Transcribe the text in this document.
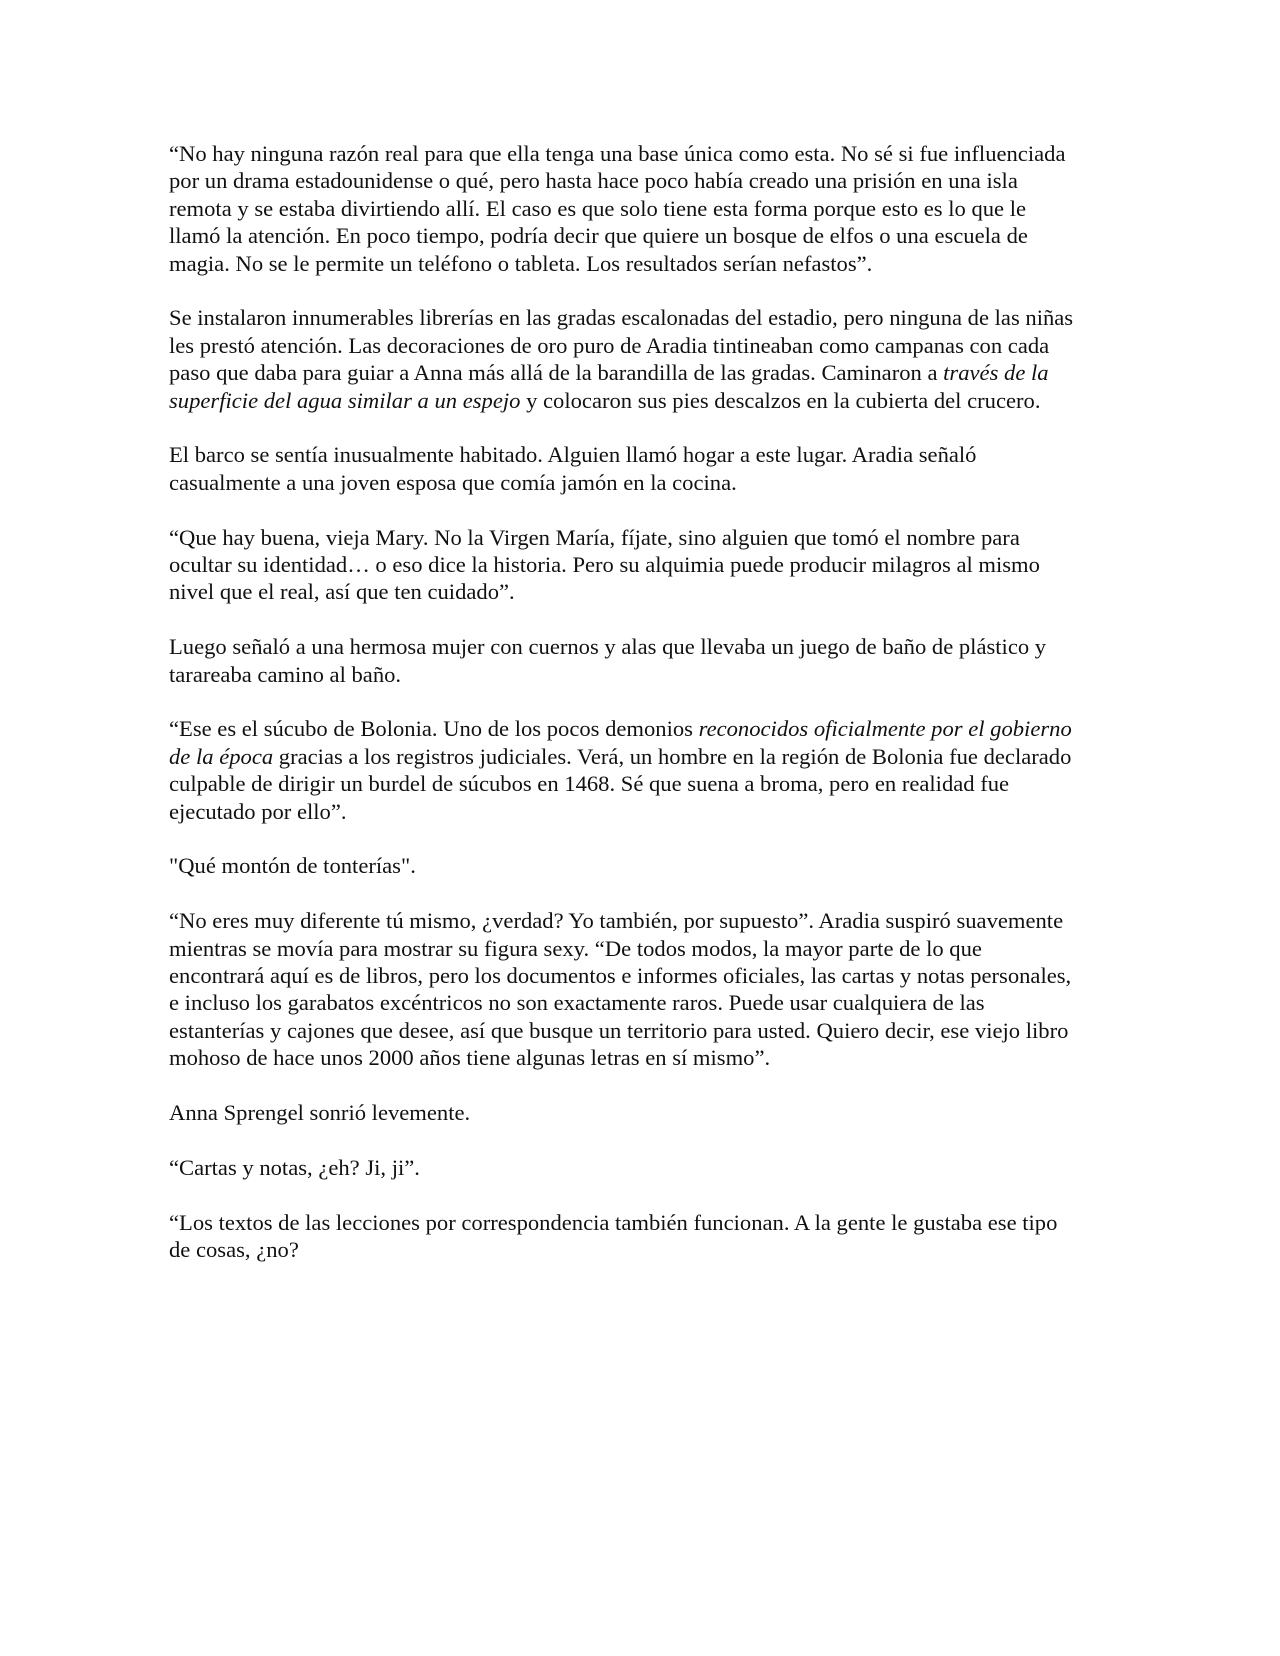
“No hay ninguna razón real para que ella tenga una base única como esta. No sé si fue influenciada por un drama estadounidense o qué, pero hasta hace poco había creado una prisión en una isla remota y se estaba divirtiendo allí. El caso es que solo tiene esta forma porque esto es lo que le llamó la atención. En poco tiempo, podría decir que quiere un bosque de elfos o una escuela de magia. No se le permite un teléfono o tableta. Los resultados serían nefastos”.

Se instalaron innumerables librerías en las gradas escalonadas del estadio, pero ninguna de las niñas les prestó atención. Las decoraciones de oro puro de Aradia tintineaban como campanas con cada paso que daba para guiar a Anna más allá de la barandilla de las gradas. Caminaron a través de la superficie del agua similar a un espejo y colocaron sus pies descalzos en la cubierta del crucero.

El barco se sentía inusualmente habitado. Alguien llamó hogar a este lugar. Aradia señaló casualmente a una joven esposa que comía jamón en la cocina.

“Que hay buena, vieja Mary. No la Virgen María, fíjate, sino alguien que tomó el nombre para ocultar su identidad… o eso dice la historia. Pero su alquimia puede producir milagros al mismo nivel que el real, así que ten cuidado”.

Luego señaló a una hermosa mujer con cuernos y alas que llevaba un juego de baño de plástico y tarareaba camino al baño.

“Ese es el súcubo de Bolonia. Uno de los pocos demonios reconocidos oficialmente por el gobierno de la época gracias a los registros judiciales. Verá, un hombre en la región de Bolonia fue declarado culpable de dirigir un burdel de súcubos en 1468. Sé que suena a broma, pero en realidad fue ejecutado por ello”.

"Qué montón de tonterías".

“No eres muy diferente tú mismo, ¿verdad? Yo también, por supuesto”. Aradia suspiró suavemente mientras se movía para mostrar su figura sexy. “De todos modos, la mayor parte de lo que encontrará aquí es de libros, pero los documentos e informes oficiales, las cartas y notas personales, e incluso los garabatos excéntricos no son exactamente raros. Puede usar cualquiera de las estanterías y cajones que desee, así que busque un territorio para usted. Quiero decir, ese viejo libro mohoso de hace unos 2000 años tiene algunas letras en sí mismo”.

Anna Sprengel sonrió levemente.

“Cartas y notas, ¿eh? Ji, ji”.

“Los textos de las lecciones por correspondencia también funcionan. A la gente le gustaba ese tipo de cosas, ¿no?
